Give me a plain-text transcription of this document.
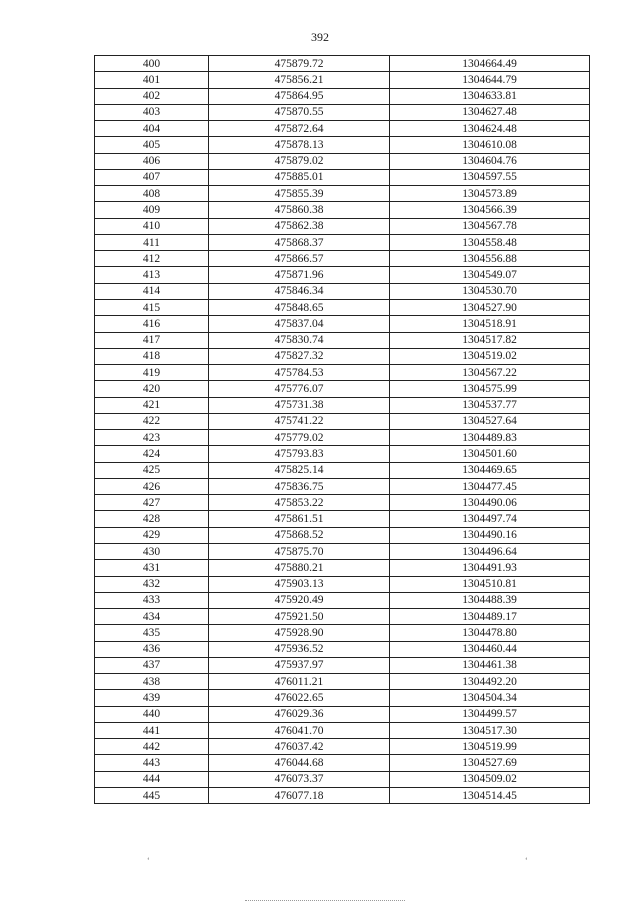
392
400	475879.72	1304664.49
401	475856.21	1304644.79
402	475864.95	1304633.81
403	475870.55	1304627.48
404	475872.64	1304624.48
405	475878.13	1304610.08
406	475879.02	1304604.76
407	475885.01	1304597.55
408	475855.39	1304573.89
409	475860.38	1304566.39
410	475862.38	1304567.78
411	475868.37	1304558.48
412	475866.57	1304556.88
413	475871.96	1304549.07
414	475846.34	1304530.70
415	475848.65	1304527.90
416	475837.04	1304518.91
417	475830.74	1304517.82
418	475827.32	1304519.02
419	475784.53	1304567.22
420	475776.07	1304575.99
421	475731.38	1304537.77
422	475741.22	1304527.64
423	475779.02	1304489.83
424	475793.83	1304501.60
425	475825.14	1304469.65
426	475836.75	1304477.45
427	475853.22	1304490.06
428	475861.51	1304497.74
429	475868.52	1304490.16
430	475875.70	1304496.64
431	475880.21	1304491.93
432	475903.13	1304510.81
433	475920.49	1304488.39
434	475921.50	1304489.17
435	475928.90	1304478.80
436	475936.52	1304460.44
437	475937.97	1304461.38
438	476011.21	1304492.20
439	476022.65	1304504.34
440	476029.36	1304499.57
441	476041.70	1304517.30
442	476037.42	1304519.99
443	476044.68	1304527.69
444	476073.37	1304509.02
445	476077.18	1304514.45
‘	‘
